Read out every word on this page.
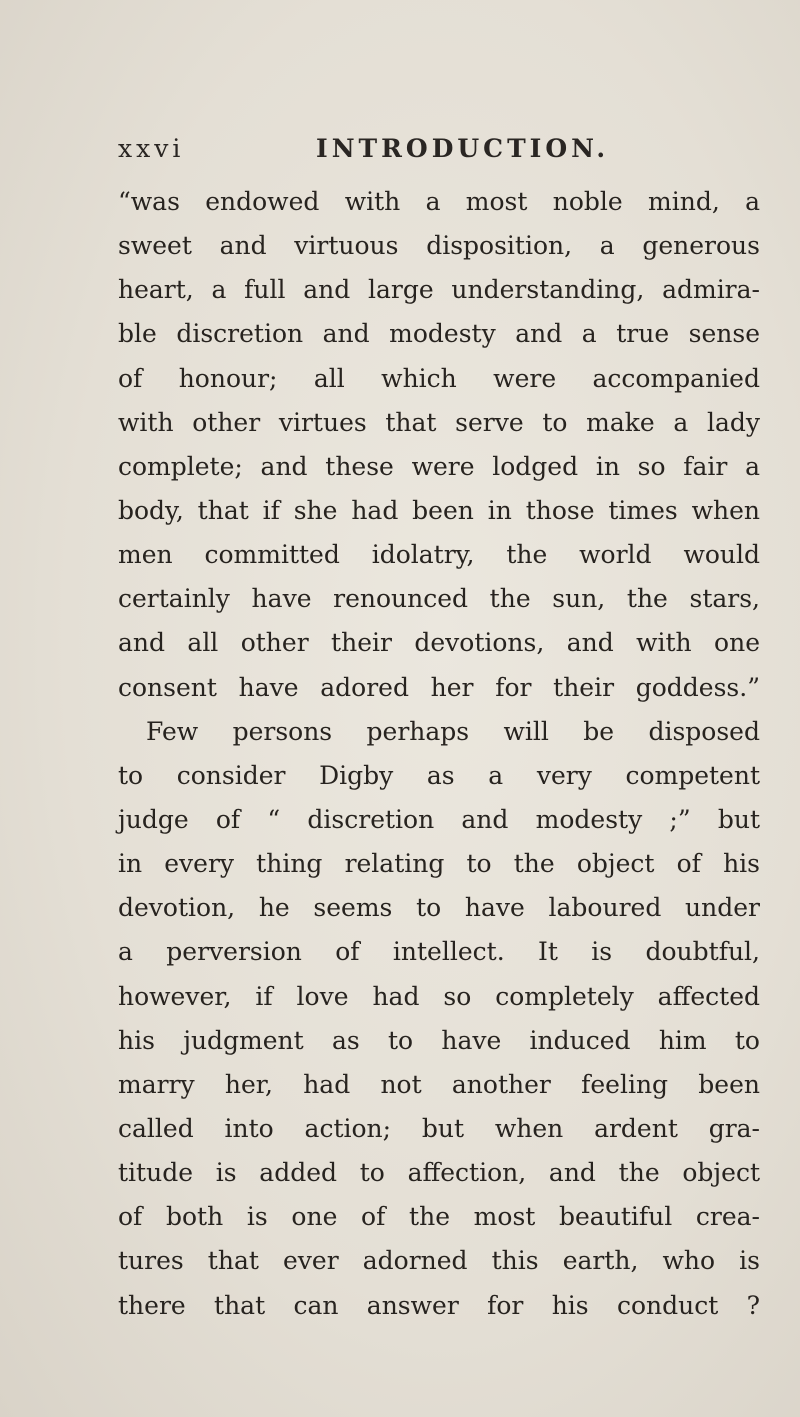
xxvi	INTRODUCTION.
“was endowed with a most noble mind, a
sweet and virtuous disposition, a generous
heart, a full and large understanding, admira-
ble discretion and modesty and a true sense
of honour; all which were accompanied
with other virtues that serve to make a lady
complete; and these were lodged in so fair a
body, that if she had been in those times when
men committed idolatry, the world would
certainly have renounced the sun, the stars,
and all other their devotions, and with one
consent have adored her for their goddess.”
Few persons perhaps will be disposed
to consider Digby as a very competent
judge of “ discretion and modesty ;” but
in every thing relating to the object of his
devotion, he seems to have laboured under
a perversion of intellect. It is doubtful,
however, if love had so completely affected
his judgment as to have induced him to
marry her, had not another feeling been
called into action; but when ardent gra-
titude is added to affection, and the object
of both is one of the most beautiful crea-
tures that ever adorned this earth, who is
there that can answer for his conduct ?
